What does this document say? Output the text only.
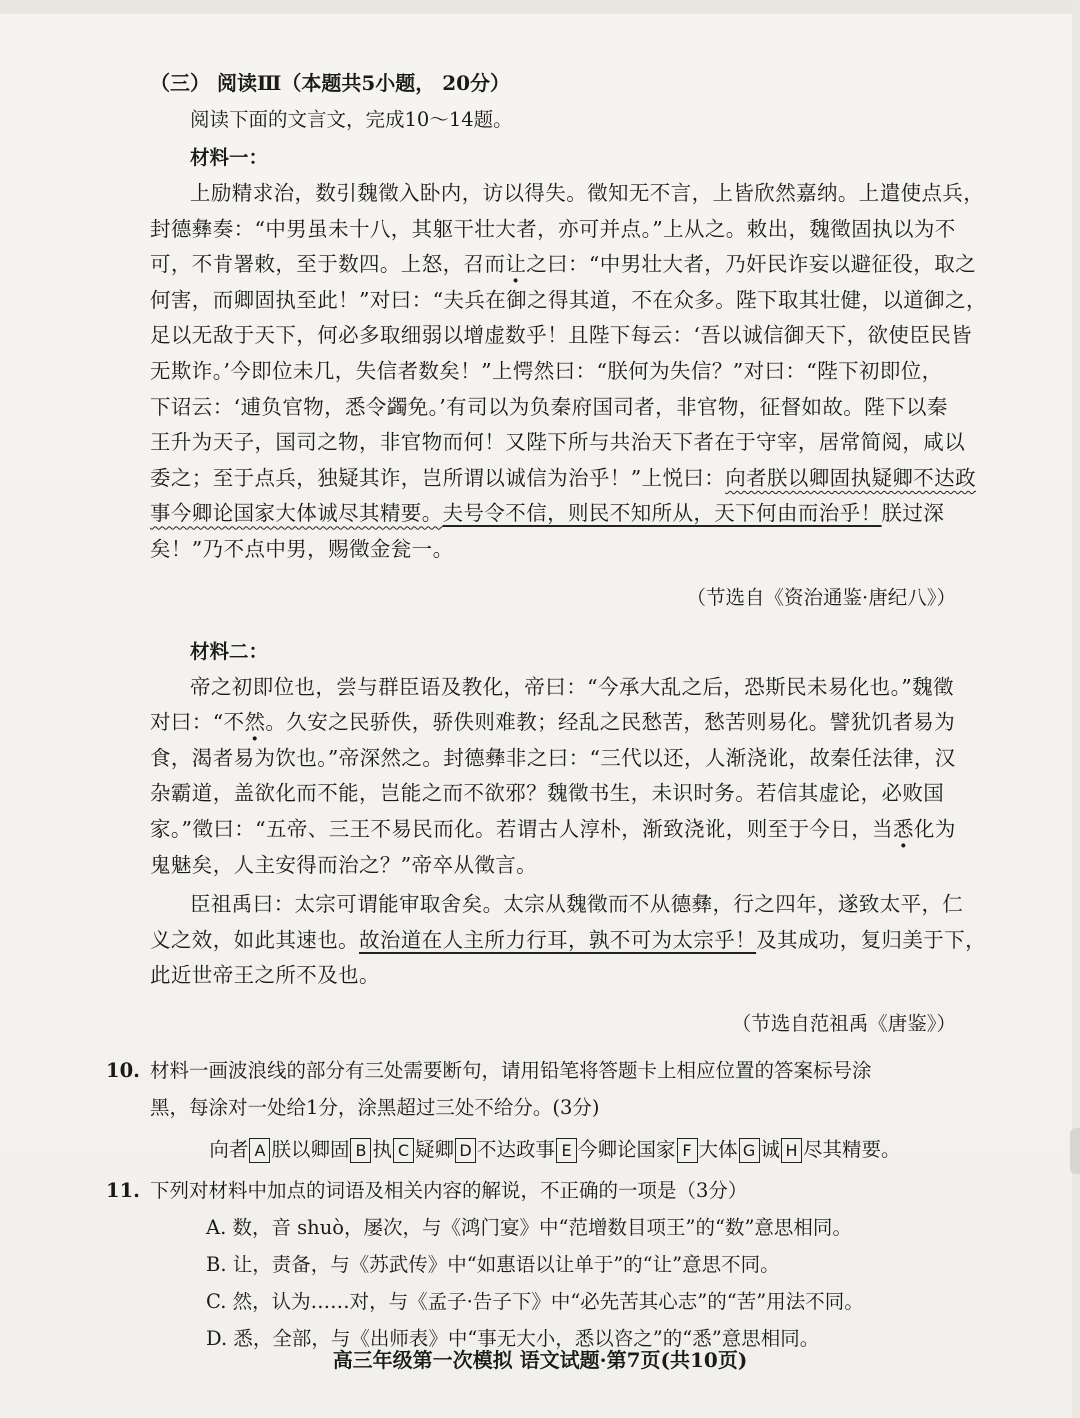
（三） 阅读Ⅲ（本题共5小题， 20分）
阅读下面的文言文，完成10～14题。
材料一：
上励精求治，数引魏徵入卧内，访以得失。徵知无不言，上皆欣然嘉纳。上遣使点兵，
封德彝奏：“中男虽未十八，其躯干壮大者，亦可并点。”上从之。敕出，魏徵固执以为不
可，不肯署敕，至于数四。上怒，召而让之曰：“中男壮大者，乃奸民诈妄以避征役，取之
何害，而卿固执至此！”对曰：“夫兵在御之得其道，不在众多。陛下取其壮健，以道御之，
足以无敌于天下，何必多取细弱以增虚数乎！且陛下每云：‘吾以诚信御天下，欲使臣民皆
无欺诈。’今即位未几，失信者数矣！”上愕然曰：“朕何为失信？”对曰：“陛下初即位，
下诏云：‘逋负官物，悉令蠲免。’有司以为负秦府国司者，非官物，征督如故。陛下以秦
王升为天子，国司之物，非官物而何！又陛下所与共治天下者在于守宰，居常简阅，咸以
委之；至于点兵，独疑其诈，岂所谓以诚信为治乎！”上悦曰：向者朕以卿固执疑卿不达政
事今卿论国家大体诚尽其精要。夫号令不信，则民不知所从，天下何由而治乎！朕过深
矣！”乃不点中男，赐徵金瓮一。
（节选自《资治通鉴·唐纪八》）
材料二：
帝之初即位也，尝与群臣语及教化，帝曰：“今承大乱之后，恐斯民未易化也。”魏徵
对曰：“不然。久安之民骄佚，骄佚则难教；经乱之民愁苦，愁苦则易化。譬犹饥者易为
食，渴者易为饮也。”帝深然之。封德彝非之曰：“三代以还，人渐浇讹，故秦任法律，汉
杂霸道，盖欲化而不能，岂能之而不欲邪？魏徵书生，未识时务。若信其虚论，必败国
家。”徵曰：“五帝、三王不易民而化。若谓古人淳朴，渐致浇讹，则至于今日，当悉化为
鬼魅矣，人主安得而治之？”帝卒从徵言。
臣祖禹曰：太宗可谓能审取舍矣。太宗从魏徵而不从德彝，行之四年，遂致太平，仁
义之效，如此其速也。故治道在人主所力行耳，孰不可为太宗乎！及其成功，复归美于下，
此近世帝王之所不及也。
（节选自范祖禹《唐鉴》）
10. 材料一画波浪线的部分有三处需要断句，请用铅笔将答题卡上相应位置的答案标号涂
黑，每涂对一处给1分，涂黑超过三处不给分。(3分)
向者 A 朕以卿固 B 执 C 疑卿 D 不达政事 E 今卿论国家 F 大体 G 诚 H 尽其精要。
11. 下列对材料中加点的词语及相关内容的解说，不正确的一项是（3分）
A. 数，音 shuò，屡次，与《鸿门宴》中“范增数目项王”的“数”意思相同。
B. 让，责备，与《苏武传》中“如惠语以让单于”的“让”意思不同。
C. 然，认为……对，与《孟子·告子下》中“必先苦其心志”的“苦”用法不同。
D. 悉，全部，与《出师表》中“事无大小，悉以咨之”的“悉”意思相同。
高三年级第一次模拟 语文试题·第7页(共10页)
